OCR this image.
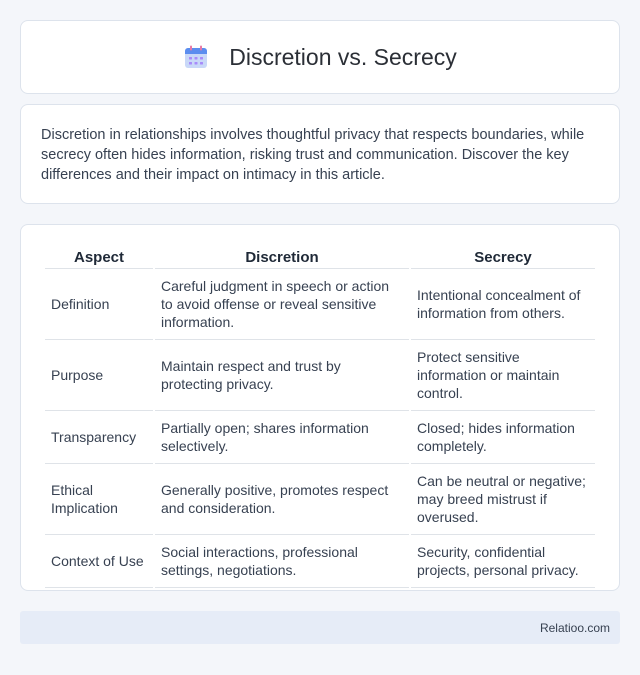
Discretion vs. Secrecy

Discretion in relationships involves thoughtful privacy that respects boundaries, while secrecy often hides information, risking trust and communication. Discover the key differences and their impact on intimacy in this article.

Aspect	Discretion	Secrecy
Definition	Careful judgment in speech or action to avoid offense or reveal sensitive information.	Intentional concealment of information from others.
Purpose	Maintain respect and trust by protecting privacy.	Protect sensitive information or maintain control.
Transparency	Partially open; shares information selectively.	Closed; hides information completely.
Ethical Implication	Generally positive, promotes respect and consideration.	Can be neutral or negative; may breed mistrust if overused.
Context of Use	Social interactions, professional settings, negotiations.	Security, confidential projects, personal privacy.
Relatioo.com
